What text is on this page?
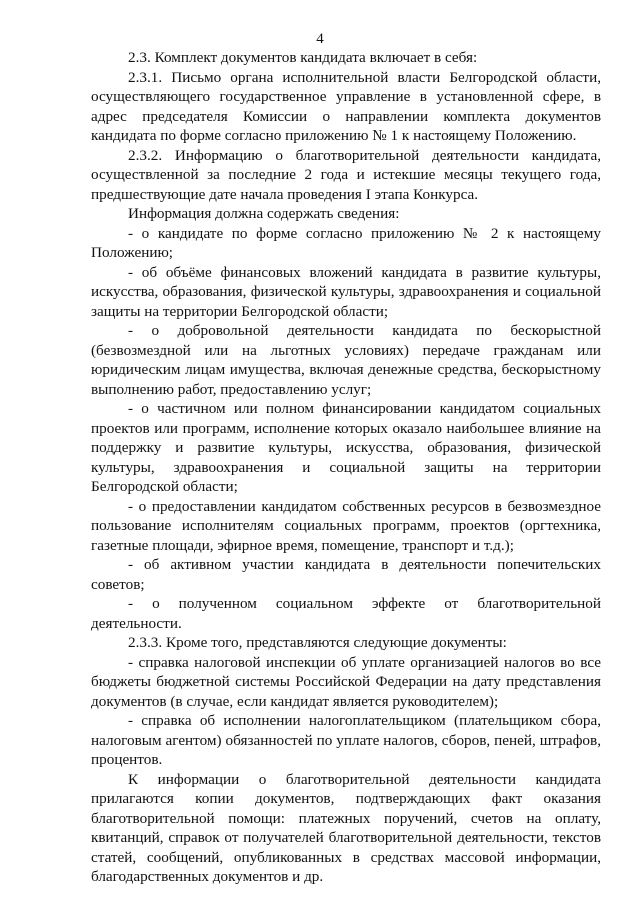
4

2.3. Комплект документов кандидата включает в себя:

2.3.1. Письмо органа исполнительной власти Белгородской области, осуществляющего государственное управление в установленной сфере, в адрес председателя Комиссии о направлении комплекта документов кандидата по форме согласно приложению № 1 к настоящему Положению.

2.3.2. Информацию о благотворительной деятельности кандидата, осуществленной за последние 2 года и истекшие месяцы текущего года, предшествующие дате начала проведения I этапа Конкурса.

Информация должна содержать сведения:

- о кандидате по форме согласно приложению № 2 к настоящему Положению;

- об объёме финансовых вложений кандидата в развитие культуры, искусства, образования, физической культуры, здравоохранения и социальной защиты на территории Белгородской области;

- о добровольной деятельности кандидата по бескорыстной (безвозмездной или на льготных условиях) передаче гражданам или юридическим лицам имущества, включая денежные средства, бескорыстному выполнению работ, предоставлению услуг;

- о частичном или полном финансировании кандидатом социальных проектов или программ, исполнение которых оказало наибольшее влияние на поддержку и развитие культуры, искусства, образования, физической культуры, здравоохранения и социальной защиты на территории Белгородской области;

- о предоставлении кандидатом собственных ресурсов в безвозмездное пользование исполнителям социальных программ, проектов (оргтехника, газетные площади, эфирное время, помещение, транспорт и т.д.);

- об активном участии кандидата в деятельности попечительских советов;

- о полученном социальном эффекте от благотворительной деятельности.

2.3.3. Кроме того, представляются следующие документы:

- справка налоговой инспекции об уплате организацией налогов во все бюджеты бюджетной системы Российской Федерации на дату представления документов (в случае, если кандидат является руководителем);

- справка об исполнении налогоплательщиком (плательщиком сбора, налоговым агентом) обязанностей по уплате налогов, сборов, пеней, штрафов, процентов.

К информации о благотворительной деятельности кандидата прилагаются копии документов, подтверждающих факт оказания благотворительной помощи: платежных поручений, счетов на оплату, квитанций, справок от получателей благотворительной деятельности, текстов статей, сообщений, опубликованных в средствах массовой информации, благодарственных документов и др.
